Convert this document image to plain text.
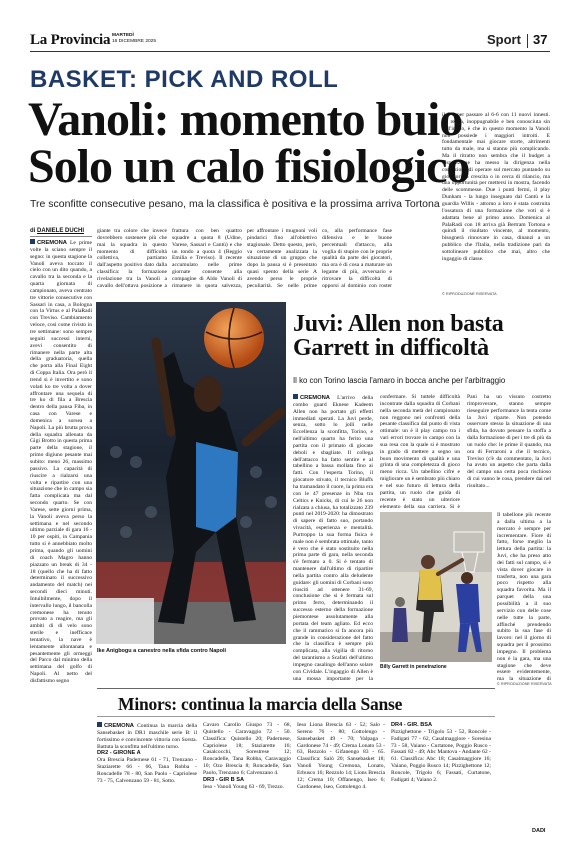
La Provincia MARTEDÌ
16 DICEMBRE 2025	Sport 37
BASKET: PICK AND ROLL
Vanoli: momento buio
Solo un calo fisiologico
Tre sconfitte consecutive pesano, ma la classifica è positiva e la prossima arriva Tortona
di DANIELE DUCHI
CREMONA Le prime volte la sciano sempre il segno: in questa stagione la Vanoli aveva toccato il cielo con un dito quando, a cavallo tra la seconda e la quarta giornata di campionato, aveva centrato tre vittorie consecutive con Sassari in casa, a Bologna con la Virtus e al PalaRadi con Treviso. Cambiamento veloce, così come rivisto in tre settimane: sono sempre seguiti successi interni, avevi consentito di rimanere nella parte alta della graduatoria, quella che porta alla Final Eight di Coppa Italia. Ora però il trend si è invertito e sono volati ko tre volta a dover affrontare una sequela di tre ko di fila a Brescia dentro della pausa Fiba, in casa con Varese e domenica a sorsea a Napoli. La più brutta prova della squadra allenata da Gigi Brotto in questa prima parte della stagione, il primo digiuno pesante mai subito: meno 26, massimo passivo. La capacità di riuscire a rialzarsi una volta e ripartire con una situazione che in campo sia fatta complicata ma dal secondo quarto. Se con Varese, sette giorni prima, la Vanoli aveva perso la settimana e nel secondo ultimo parziale di gara 16 - 10 per ospiti, in Campania tutto si è annebbiato molto prima, quando gli uomini di coach Magro hanno piazzato un break di 34 - 18 (quello che ha di fatto determinato il successivo andamento del match) nei secondi dieci minuti. Intuibilmente, dopo il intervallo lungo, il bancolla cremonese ha tenuto provato a reagire, ma gli ambiti di di velo sono sterile e inefficace tentativo, la nave è lentamente allontanata e pesantemente gli ormeggi del Parco dal minimo della settimana del golfo di Napoli. Al netto del disfattismo segno
giante tra colore che invece dovrebbero sostenere più che mai la squadra in questo momento di difficoltà collettiva, partiamo dall'aspetto positivo dato dalla classifica: la formazione rivelazione tra la Vanoli a cavallo dell'ottava posizione a
frattura con ben quattro squadre a quota 8 (Udine, Varese, Sassari e Cantù) e che un tondo a quota 4 (Reggio Emilia e Treviso). Il recente accumulato nelle prime giornate consente alla compagine di Aldo Vanoli di rimanere in quota salvezza,
per affrontare i mugnoni voli pindarici fino all'obiettivo stagionale. Detto questo, però, va certamente analizzata la situazione di un gruppo che dopo la pausa si è presentato quasi spento della serie A avendo perso le proprie peculiarità. Se nelle prime
co, alla performance fase difensiva e le buone percentuali d'attacco, alla voglia di stupire con le proprie qualità da parte dei giocatori, ma ora è di cosa a maturare un legame di più, avversario e ritrovare la difficoltà di opporsi al dominio con roster
il 5-5 per passare al 6-6 con 11 nuovi innesti. La realtà, inoppugnabile e ben conosciuta sin dall'inizio, è che in questo momento la Vanoli non possiede i maggiori introiti. E fondamentale mai giocare storte, altrimenti tutto da male, ma si stanno più complicando. Ma il ritratto non sembra che il budget a disposizione ha messo la dirigenza nella condizione di operare sul mercato puntando su giocatori in crescita o in cerca di rilancio, ma una opportunità per mettersi in mostra, facendo delle scommesse. Due i punti fermi, il play Dunham - la lungo insegnato dal Cantù e la guardia Willis - attorno a loro è stata costruita l'ossatura di una formazione che voti si è adattata bene al primo anno. Domenica al PalaRadi con 18 arriva già Bertram Tortona e quindi il risultato vincente, al momento, bisognerà rinnovare in casa, dinanzi a un pubblico che l'Italia, nella tradizione pari da sottolineare pubblico che mai, altro che ingaggio di classe.
© RIPRODUZIONE RISERVATA
Ike Anigbogu a canestro nella sfida contro Napoli
Juvi: Allen non basta
Garrett in difficoltà
Il ko con Torino lascia l'amaro in bocca anche per l'arbitraggio
CREMONA L'arrivo della combo guard Eknese Kadeem Allen non ha portato gli effetti immediati sperati. La Juvi perde, senza, sotto lo jolli nelle Eccellenza la sconfitta, Torino, e nell'ultimo quarto ha ferito una partita con il primato di giocate deboli e sbagliate. Il collega dell'attacco ha fatto sentire e al tabellino a bassa mollata fino ai fatti. Con l'esperta Torino, il giocatore stivato, il tecnico Bluffs ha tramandato il cuore, la prima era con le 47 presenze in Nba tra Celtics e Knicks, di cui le 26 non rialzata a chiusa, ha totalizzato 239 punti nel 2019-2020: ha dimostrato di sapere di fatto suo, portando vivacità, esperienza e mentalità. Purtroppo la sua forma fisica è male non è sembrata ottimale, tanto è vero che è stato sostituito nella prima parte di gara, nella seconda s'è fermato a 0. Si è tentato di mantenere dall'ultimo di ripartire nella partita contro alla deludente guidare: gli uomini di Corbani sono riusciti ad ottenere 31-69, conclusione che si è fermata sul primo ferro, determinando il successo esterno della formazione piemontese assolutamente alla portata del team agliato. Ed ecco che il rammarico si fa ancora più grande in considerazione del fatto che la classifica è sempre più complicata, alla vigilia di ritorno del tarantismo a Scafati dell'ultimo impegno casalingo dell'anno solare con Cividale. L'ingaggio di Allen è una mossa importante per la
confermare. Si tuttele difficoltà incontrate dalla squadra di Corbani nella seconda metà del campionato non reggono nei confronti della pesante classifica dal punto di vista ottimale: un è il play campo tra i vari errori trovare in campo con la sua resa con la quale si è mostrato in grado di mettere a segno un buon movimento di qualità e una grinta di una completezza di gioco meno ricca. Un tabellino cifre e migliorare un è sembrato più chiaro e nel suo futuro di lettura della partita, un ruolo che guida di recente è stato un ulteriore elemento della sua carriera. Si è
Pani ha un vissuto costretto rimproverare, stanno sempre rieseguire performance la tenta come la Juvi riparte. Non potendo osservare stesso la situazione di una sfida, ha dovuto pensare la stoffa a dalla formazione di per i tre di più da un ruolo che: le prime il quando, ma ora di Ferraroni a che il tecnico, Treviso (c'è da commentato, la Juvi ha avuto un aspetto che parta dalla del campo una certa poca rischioso di cui vanno le cosa, prendere dai nel risultato...
Il tabellone più recente a dalla ultima a la mercato è sempre per incrementare. Fiore di fatto, forse meglio la lettura della partita: la Juvi, che ha preso atto dei fatti sul campo, si è vista dover giocare in trasferta, non una gara poco rispetto alla squadra favorita. Ma il parquet della una possibilità a il suo servizio con delle cose nelle tutte la parte, affinché prendendo subito la sua fase di lavoro: nel il giorno di squadra per il prossimo impegno. Il problema non è la gara, ma una stagione che deve essere evidentemente, ma la situazione di
© RIPRODUZIONE RISERVATA
Billy Garrett in penetrazione
Minors: continua la marcia della Sanse
CREMONA Continua la marcia della Sansebasket in DR1 maschile serie B: il fortissimo e convincente vittoria con Sorsta. Battuta la sconfitta nell'ultimo turno.
DR2 - GIRONE A
Ora Brescia Padernese 61 - 71, Trenzano - Staziarette 66 - 66, Tana Robba - Roncadelle 78 - 80, San Paolo - Capriolese 73 - 75, Calvenzano 59 - 81, Sotto.
Cavaro Carollo Giuspo 73 - 68, Quistello - Caravaggio 72 - 50. Classifica: Quistello 20; Padernese, Capriolese 18; Staziarette 16; Casalcocchi, Sorestrese 12; Roncadelle, Tana Robba, Caravaggio 10; Ozo Brescia 8; Roncadelle, San Paolo, Trenzano 6; Calvenzano 4.
DR3 - GIR B SA
Ieso - Vanoli Young 63 - 69, Trezzo.
Ieso Liona Brescia 63 - 52; Salo - Sereno 76 - 80; Gottolengo - Sansebasket 49 - 70; Valpaga - Gardonese 74 - 49; Crema Lonato 53 - 63, Rezzolo - Gifanengo 83 - 65. Classifica: Salò 20; Sansebasket 18; Vanoli Young Cremona, Lonato, Erbusco 16; Rezzolo 14; Lions Brescia 12; Crema 10; Offanengo, Iseo 6; Gardonese, Iseo, Gottolengo 4.
DR4 - GIR. BSA
Pizzighettone - Trigolo 53 - 52, Roncole - Fadigati 77 - 62, Casalmaggiore - Soresina 73 - 58, Vaiano - Curtatone, Poggio Rusco - Fassati 82 - 49; Abc Mantova - Andante 62 - 61. Classifica: Abc 18; Casalmaggiore 16; Vaiano, Poggio Rusco 14; Pizzighettone 12; Roncole, Trigolo 6; Fassati, Curtatone, Fadigati 4; Vaiano 2.
DADI
